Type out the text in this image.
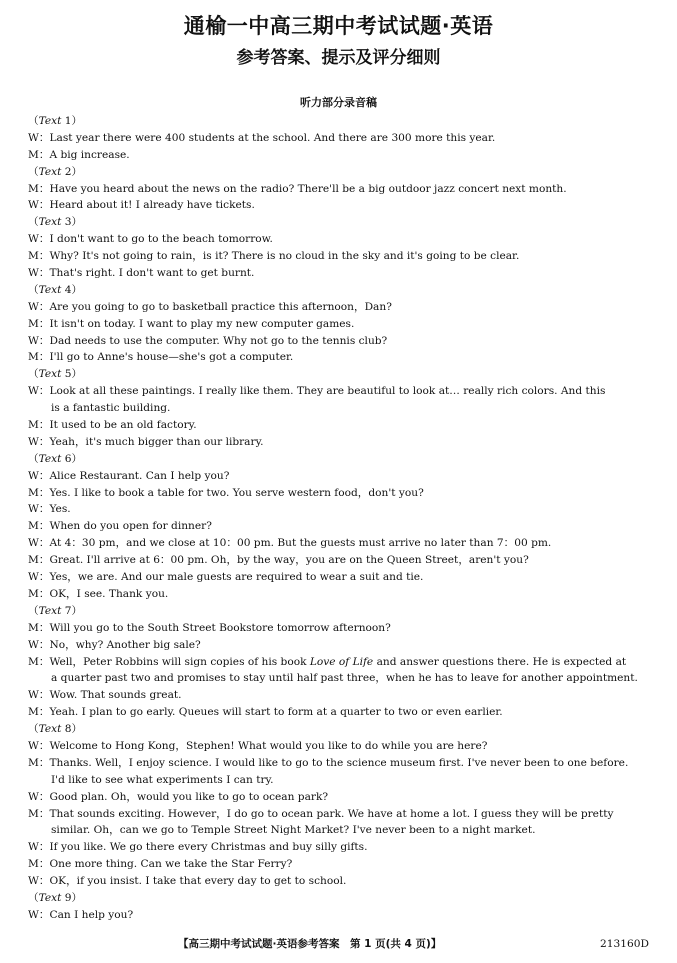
通榆一中高三期中考试试题·英语
参考答案、提示及评分细则
听力部分录音稿
（Text 1）
W：Last year there were 400 students at the school. And there are 300 more this year.
M：A big increase.
（Text 2）
M：Have you heard about the news on the radio? There'll be a big outdoor jazz concert next month.
W：Heard about it! I already have tickets.
（Text 3）
W：I don't want to go to the beach tomorrow.
M：Why? It's not going to rain，is it? There is no cloud in the sky and it's going to be clear.
W：That's right. I don't want to get burnt.
（Text 4）
W：Are you going to go to basketball practice this afternoon，Dan?
M：It isn't on today. I want to play my new computer games.
W：Dad needs to use the computer. Why not go to the tennis club?
M：I'll go to Anne's house—she's got a computer.
（Text 5）
W：Look at all these paintings. I really like them. They are beautiful to look at… really rich colors. And this
is a fantastic building.
M：It used to be an old factory.
W：Yeah，it's much bigger than our library.
（Text 6）
W：Alice Restaurant. Can I help you?
M：Yes. I like to book a table for two. You serve western food，don't you?
W：Yes.
M：When do you open for dinner?
W：At 4：30 pm，and we close at 10：00 pm. But the guests must arrive no later than 7：00 pm.
M：Great. I'll arrive at 6：00 pm. Oh，by the way，you are on the Queen Street，aren't you?
W：Yes，we are. And our male guests are required to wear a suit and tie.
M：OK，I see. Thank you.
（Text 7）
M：Will you go to the South Street Bookstore tomorrow afternoon?
W：No，why? Another big sale?
M：Well，Peter Robbins will sign copies of his book Love of Life and answer questions there. He is expected at
a quarter past two and promises to stay until half past three，when he has to leave for another appointment.
W：Wow. That sounds great.
M：Yeah. I plan to go early. Queues will start to form at a quarter to two or even earlier.
（Text 8）
W：Welcome to Hong Kong，Stephen! What would you like to do while you are here?
M：Thanks. Well，I enjoy science. I would like to go to the science museum first. I've never been to one before.
I'd like to see what experiments I can try.
W：Good plan. Oh，would you like to go to ocean park?
M：That sounds exciting. However，I do go to ocean park. We have at home a lot. I guess they will be pretty
similar. Oh，can we go to Temple Street Night Market? I've never been to a night market.
W：If you like. We go there every Christmas and buy silly gifts.
M：One more thing. Can we take the Star Ferry?
W：OK，if you insist. I take that every day to get to school.
（Text 9）
W：Can I help you?
【高三期中考试试题·英语参考答案　第 1 页(共 4 页)】	213160D
